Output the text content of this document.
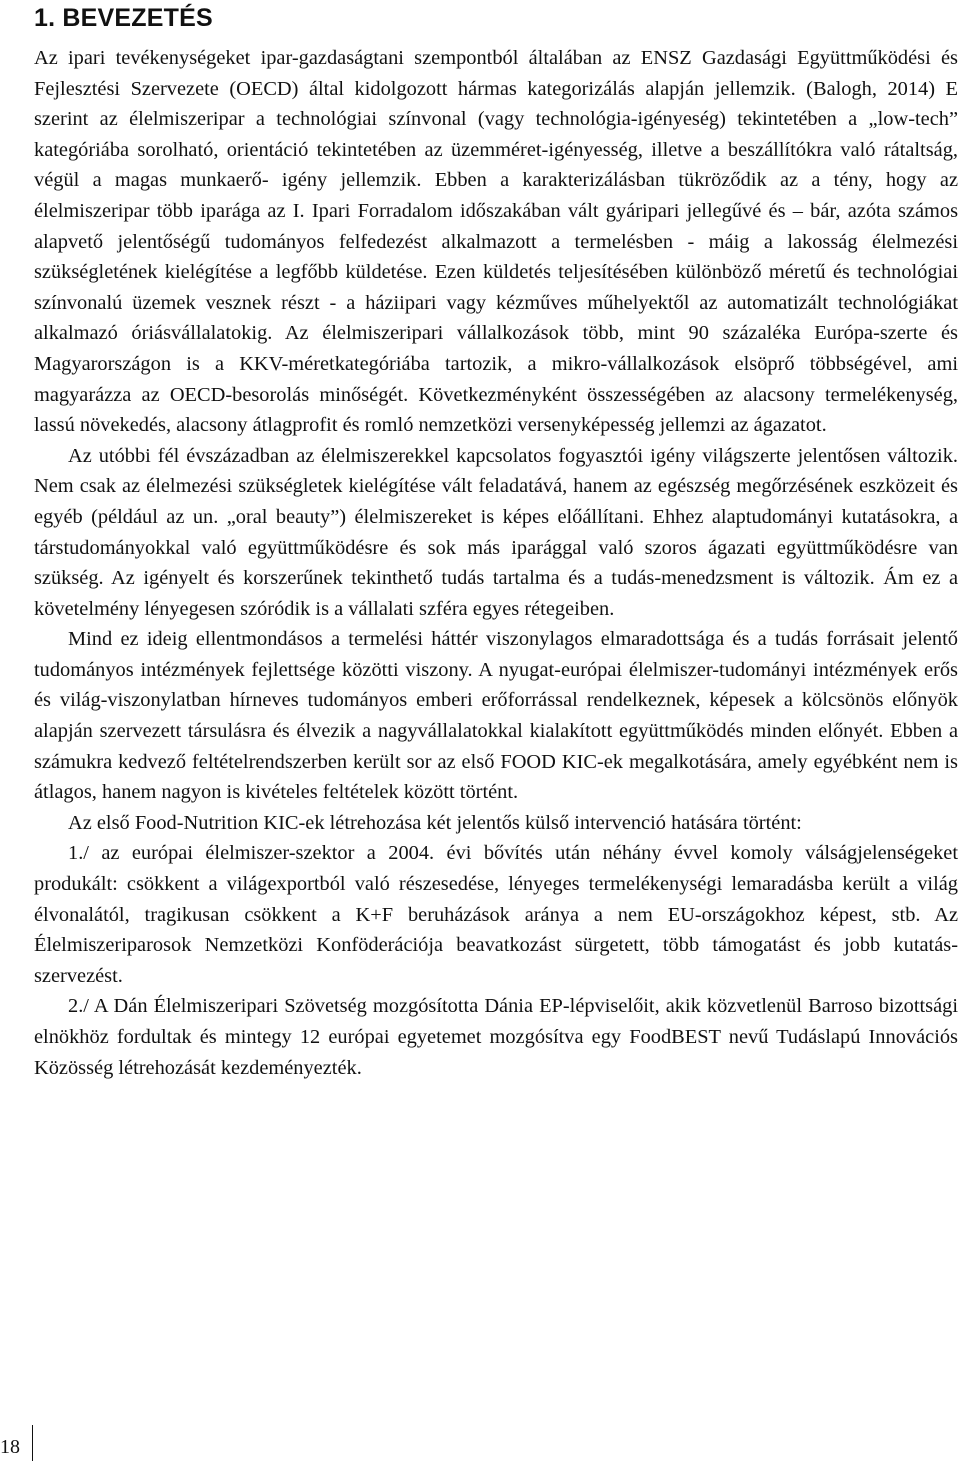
1. BEVEZETÉS

Az ipari tevékenységeket ipar-gazdaságtani szempontból általában az ENSZ Gazdasági Együttműködési és Fejlesztési Szervezete (OECD) által kidolgozott hármas kategorizálás alapján jellemzik. (Balogh, 2014) E szerint az élelmiszeripar a technológiai színvonal (vagy technológia-igényeség) tekintetében a „low-tech” kategóriába sorolható, orientáció tekintetében az üzemméret-igényesség, illetve a beszállítókra való rátaltság, végül a magas munkaerő- igény jellemzik. Ebben a karakterizálásban tükröződik az a tény, hogy az élelmiszeripar több iparága az I. Ipari Forradalom időszakában vált gyáripari jellegűvé és – bár, azóta számos alapvető jelentőségű tudományos felfedezést alkalmazott a termelésben - máig a lakosság élelmezési szükségletének kielégítése a legfőbb küldetése. Ezen küldetés teljesítésében különböző méretű és technológiai színvonalú üzemek vesznek részt - a háziipari vagy kézműves műhelyektől az automatizált technológiákat alkalmazó óriásvállalatokig. Az élelmiszeripari vállalkozások több, mint 90 százaléka Európa-szerte és Magyarországon is a KKV-méretkategóriába tartozik, a mikro-vállalkozások elsöprő többségével, ami magyarázza az OECD-besorolás minőségét. Következményként összességében az alacsony termelékenység, lassú növekedés, alacsony átlagprofit és romló nemzetközi versenyképesség jellemzi az ágazatot.

Az utóbbi fél évszázadban az élelmiszerekkel kapcsolatos fogyasztói igény világszerte jelentősen változik. Nem csak az élelmezési szükségletek kielégítése vált feladatává, hanem az egészség megőrzésének eszközeit és egyéb (például az un. „oral beauty”) élelmiszereket is képes előállítani. Ehhez alaptudományi kutatásokra, a társtudományokkal való együttműködésre és sok más iparággal való szoros ágazati együttműködésre van szükség. Az igényelt és korszerűnek tekinthető tudás tartalma és a tudás-menedzsment is változik. Ám ez a követelmény lényegesen szóródik is a vállalati szféra egyes rétegeiben.

Mind ez ideig ellentmondásos a termelési háttér viszonylagos elmaradottsága és a tudás forrásait jelentő tudományos intézmények fejlettsége közötti viszony. A nyugat-európai élelmiszer-tudományi intézmények erős és világ-viszonylatban hírneves tudományos emberi erőforrással rendelkeznek, képesek a kölcsönös előnyök alapján szervezett társulásra és élvezik a nagyvállalatokkal kialakított együttműködés minden előnyét. Ebben a számukra kedvező feltételrendszerben került sor az első FOOD KIC-ek megalkotására, amely egyébként nem is átlagos, hanem nagyon is kivételes feltételek között történt.

Az első Food-Nutrition KIC-ek létrehozása két jelentős külső intervenció hatására történt:

1./ az európai élelmiszer-szektor a 2004. évi bővítés után néhány évvel komoly válságjelenségeket produkált: csökkent a világexportból való részesedése, lényeges termelékenységi lemaradásba került a világ élvonalától, tragikusan csökkent a K+F beruházások aránya a nem EU-országokhoz képest, stb. Az Élelmiszeriparosok Nemzetközi Konföderációja beavatkozást sürgetett, több támogatást és jobb kutatás-szervezést.

2./ A Dán Élelmiszeripari Szövetség mozgósította Dánia EP-lépviselőit, akik közvetlenül Barroso bizottsági elnökhöz fordultak és mintegy 12 európai egyetemet mozgósítva egy FoodBEST nevű Tudáslapú Innovációs Közösség létrehozását kezdeményezték.

18
